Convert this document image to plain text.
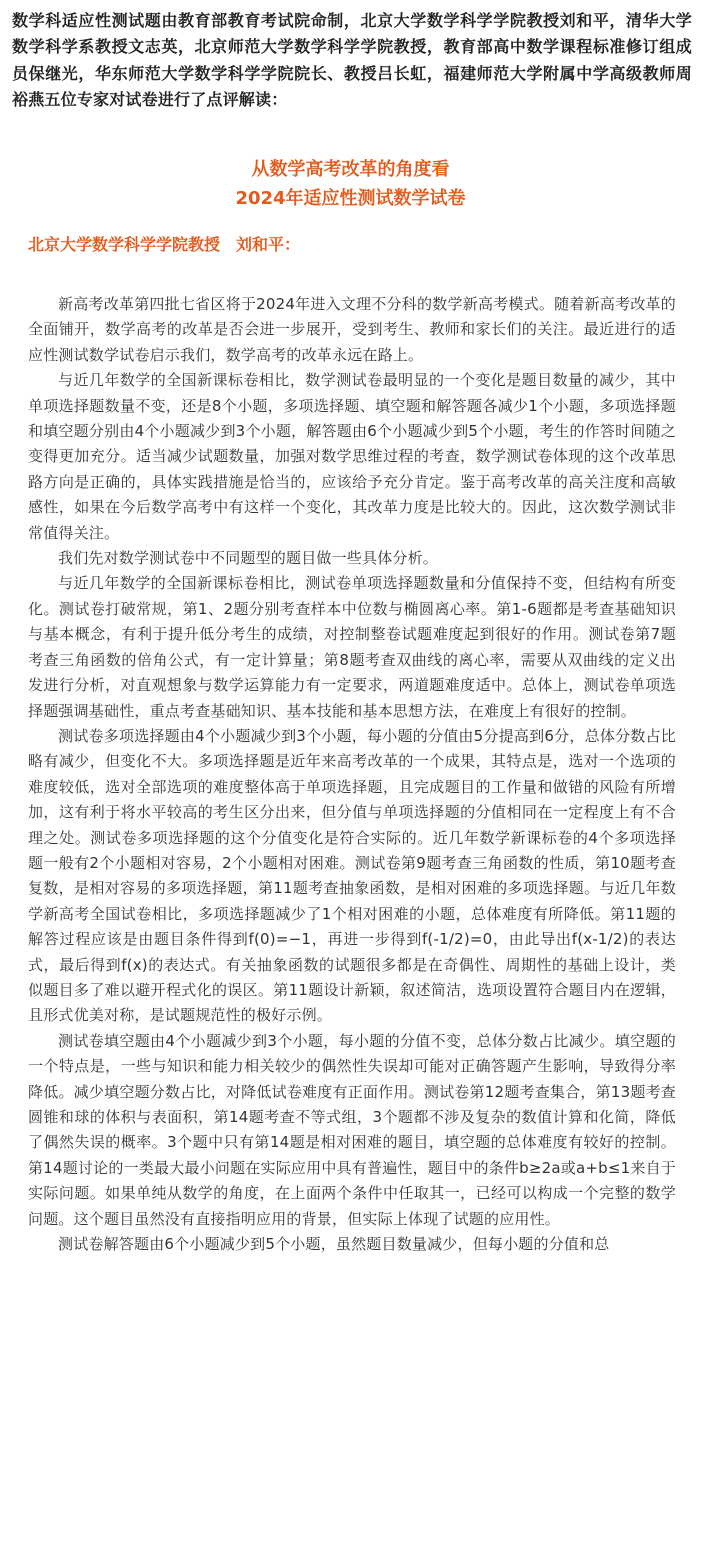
数学科适应性测试题由教育部教育考试院命制，北京大学数学科学学院教授刘和平，清华大学数学科学系教授文志英，北京师范大学数学科学学院教授，教育部高中数学课程标准修订组成员保继光，华东师范大学数学科学学院院长、教授吕长虹，福建师范大学附属中学高级教师周裕燕五位专家对试卷进行了点评解读：

从数学高考改革的角度看

2024年适应性测试数学试卷

北京大学数学科学学院教授　刘和平：

新高考改革第四批七省区将于2024年进入文理不分科的数学新高考模式。随着新高考改革的全面铺开，数学高考的改革是否会进一步展开，受到考生、教师和家长们的关注。最近进行的适应性测试数学试卷启示我们，数学高考的改革永远在路上。

与近几年数学的全国新课标卷相比，数学测试卷最明显的一个变化是题目数量的减少，其中单项选择题数量不变，还是8个小题，多项选择题、填空题和解答题各减少1个小题，多项选择题和填空题分别由4个小题减少到3个小题，解答题由6个小题减少到5个小题，考生的作答时间随之变得更加充分。适当减少试题数量，加强对数学思维过程的考查，数学测试卷体现的这个改革思路方向是正确的，具体实践措施是恰当的，应该给予充分肯定。鉴于高考改革的高关注度和高敏感性，如果在今后数学高考中有这样一个变化，其改革力度是比较大的。因此，这次数学测试非常值得关注。

我们先对数学测试卷中不同题型的题目做一些具体分析。

与近几年数学的全国新课标卷相比，测试卷单项选择题数量和分值保持不变，但结构有所变化。测试卷打破常规，第1、2题分别考查样本中位数与椭圆离心率。第1-6题都是考查基础知识与基本概念，有利于提升低分考生的成绩，对控制整卷试题难度起到很好的作用。测试卷第7题考查三角函数的倍角公式，有一定计算量；第8题考查双曲线的离心率，需要从双曲线的定义出发进行分析，对直观想象与数学运算能力有一定要求，两道题难度适中。总体上，测试卷单项选择题强调基础性，重点考查基础知识、基本技能和基本思想方法，在难度上有很好的控制。

测试卷多项选择题由4个小题减少到3个小题，每小题的分值由5分提高到6分，总体分数占比略有减少，但变化不大。多项选择题是近年来高考改革的一个成果，其特点是，选对一个选项的难度较低，选对全部选项的难度整体高于单项选择题，且完成题目的工作量和做错的风险有所增加，这有利于将水平较高的考生区分出来，但分值与单项选择题的分值相同在一定程度上有不合理之处。测试卷多项选择题的这个分值变化是符合实际的。近几年数学新课标卷的4个多项选择题一般有2个小题相对容易，2个小题相对困难。测试卷第9题考查三角函数的性质，第10题考查复数，是相对容易的多项选择题，第11题考查抽象函数，是相对困难的多项选择题。与近几年数学新高考全国试卷相比，多项选择题减少了1个相对困难的小题，总体难度有所降低。第11题的解答过程应该是由题目条件得到f(0)=−1，再进一步得到f(-1/2)=0，由此导出f(x-1/2)的表达式，最后得到f(x)的表达式。有关抽象函数的试题很多都是在奇偶性、周期性的基础上设计，类似题目多了难以避开程式化的误区。第11题设计新颖，叙述简洁，选项设置符合题目内在逻辑，且形式优美对称，是试题规范性的极好示例。

测试卷填空题由4个小题减少到3个小题，每小题的分值不变，总体分数占比减少。填空题的一个特点是，一些与知识和能力相关较少的偶然性失误却可能对正确答题产生影响，导致得分率降低。减少填空题分数占比，对降低试卷难度有正面作用。测试卷第12题考查集合，第13题考查圆锥和球的体积与表面积，第14题考查不等式组，3个题都不涉及复杂的数值计算和化简，降低了偶然失误的概率。3个题中只有第14题是相对困难的题目，填空题的总体难度有较好的控制。第14题讨论的一类最大最小问题在实际应用中具有普遍性，题目中的条件b≥2a或a+b≤1来自于实际问题。如果单纯从数学的角度，在上面两个条件中任取其一，已经可以构成一个完整的数学问题。这个题目虽然没有直接指明应用的背景，但实际上体现了试题的应用性。

测试卷解答题由6个小题减少到5个小题，虽然题目数量减少，但每小题的分值和总
